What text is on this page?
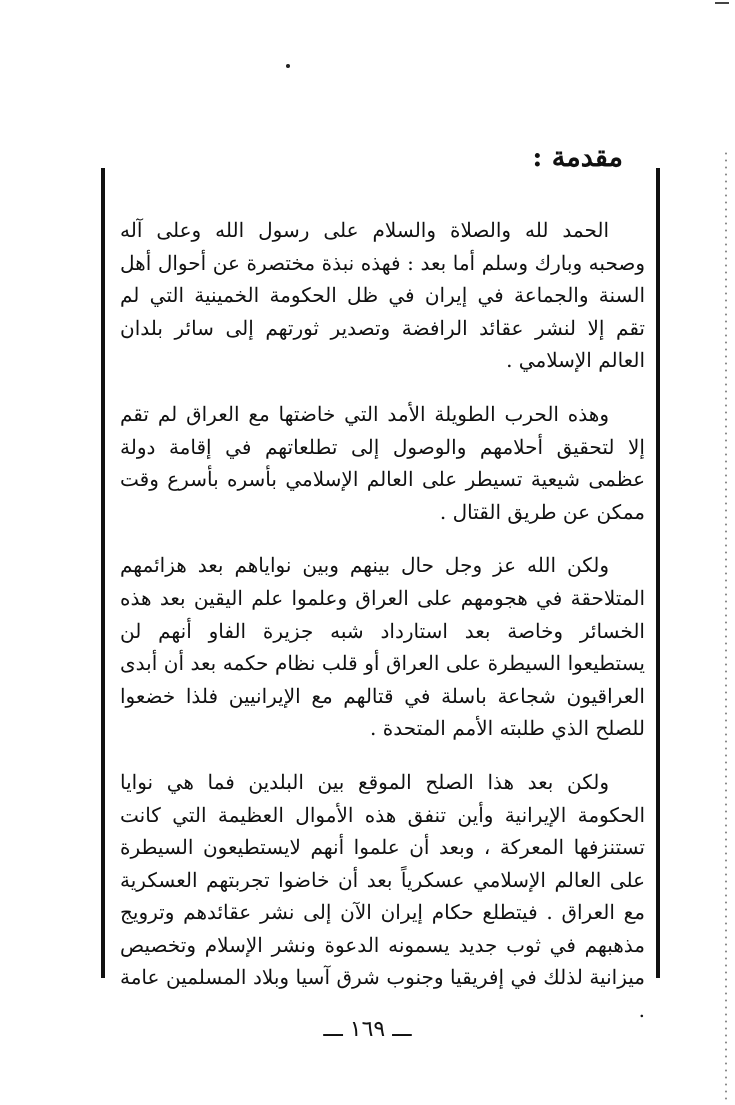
مقدمة :

الحمد لله والصلاة والسلام على رسول الله وعلى آله وصحبه وبارك وسلم أما بعد : فهذه نبذة مختصرة عن أحوال أهل السنة والجماعة في إيران في ظل الحكومة الخمينية التي لم تقم إلا لنشر عقائد الرافضة وتصدير ثورتهم إلى سائر بلدان العالم الإسلامي .

وهذه الحرب الطويلة الأمد التي خاضتها مع العراق لم تقم إلا لتحقيق أحلامهم والوصول إلى تطلعاتهم في إقامة دولة عظمى شيعية تسيطر على العالم الإسلامي بأسره بأسرع وقت ممكن عن طريق القتال .

ولكن الله عز وجل حال بينهم وبين نواياهم بعد هزائمهم المتلاحقة في هجومهم على العراق وعلموا علم اليقين بعد هذه الخسائر وخاصة بعد استارداد شبه جزيرة الفاو أنهم لن يستطيعوا السيطرة على العراق أو قلب نظام حكمه بعد أن أبدى العراقيون شجاعة باسلة في قتالهم مع الإيرانيين فلذا خضعوا للصلح الذي طلبته الأمم المتحدة .

ولكن بعد هذا الصلح الموقع بين البلدين فما هي نوايا الحكومة الإيرانية وأين تنفق هذه الأموال العظيمة التي كانت تستنزفها المعركة ، وبعد أن علموا أنهم لايستطيعون السيطرة على العالم الإسلامي عسكرياً بعد أن خاضوا تجربتهم العسكرية مع العراق . فيتطلع حكام إيران الآن إلى نشر عقائدهم وترويج مذهبهم في ثوب جديد يسمونه الدعوة ونشر الإسلام وتخصيص ميزانية لذلك في إفريقيا وجنوب شرق آسيا وبلاد المسلمين عامة .

ـــ ١٦٩ ـــ
